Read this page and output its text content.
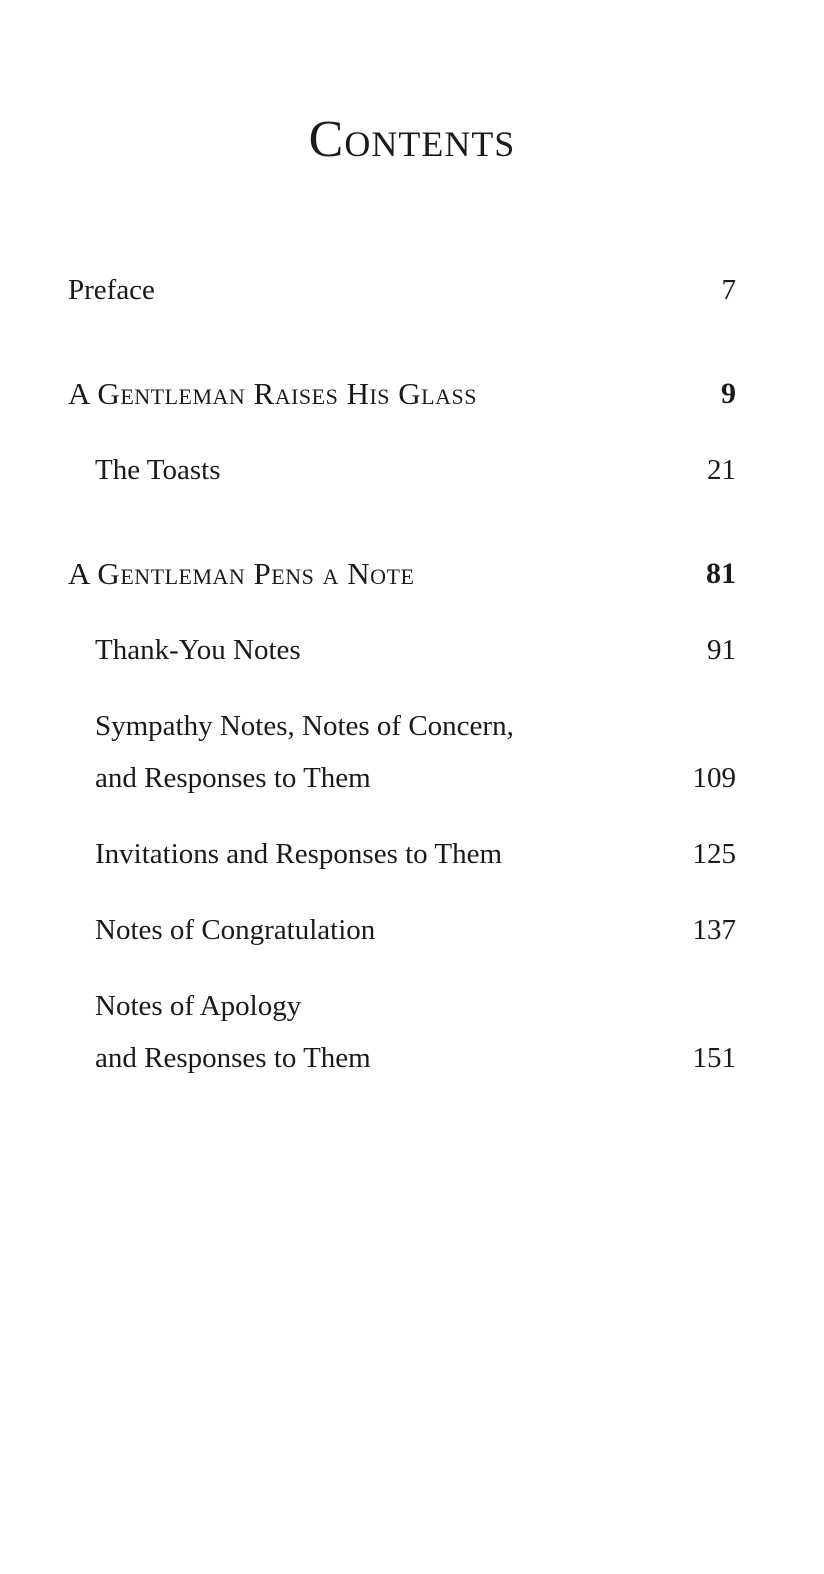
Contents
Preface	7
A Gentleman Raises His Glass	9
The Toasts	21
A Gentleman Pens a Note	81
Thank-You Notes	91
Sympathy Notes, Notes of Concern,
and Responses to Them	109
Invitations and Responses to Them	125
Notes of Congratulation	137
Notes of Apology
and Responses to Them	151
